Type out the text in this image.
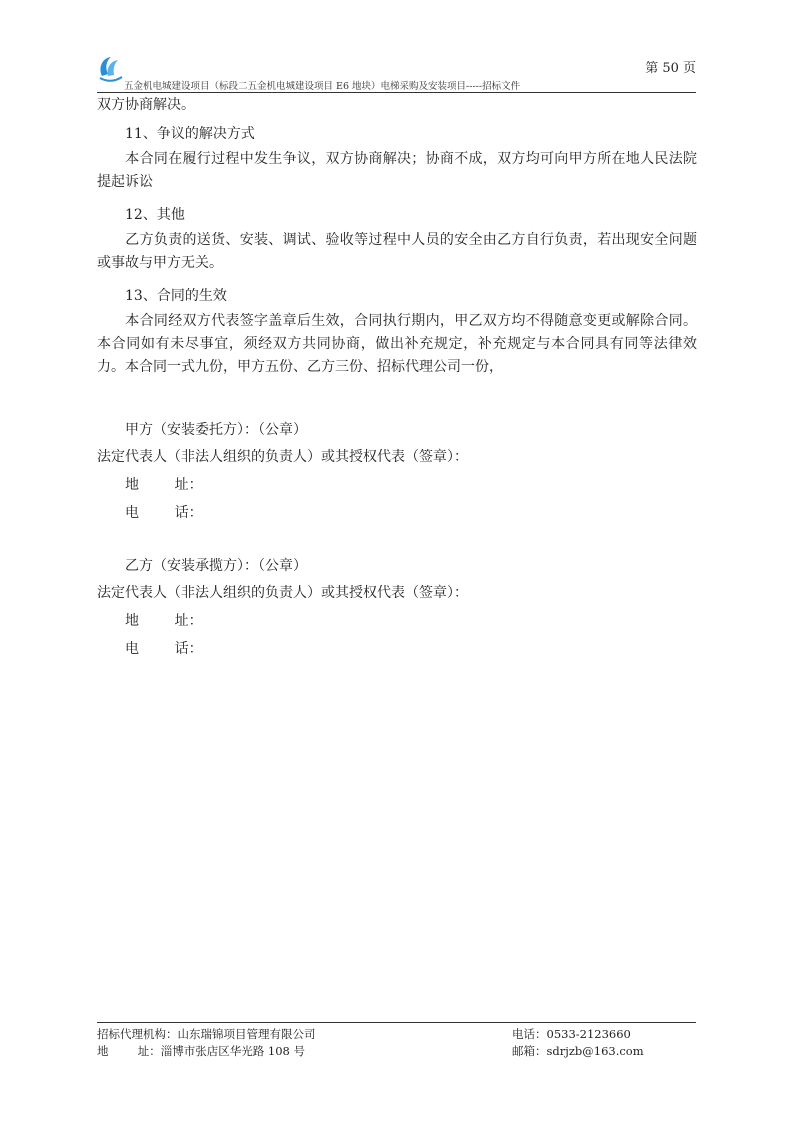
第 50 页
五金机电城建设项目（标段二五金机电城建设项目 E6 地块）电梯采购及安装项目-----招标文件
双方协商解决。
11、争议的解决方式
本合同在履行过程中发生争议，双方协商解决；协商不成，双方均可向甲方所在地人民法院提起诉讼
12、其他
乙方负责的送货、安装、调试、验收等过程中人员的安全由乙方自行负责，若出现安全问题或事故与甲方无关。
13、合同的生效
本合同经双方代表签字盖章后生效，合同执行期内，甲乙双方均不得随意变更或解除合同。本合同如有未尽事宜，须经双方共同协商，做出补充规定，补充规定与本合同具有同等法律效力。本合同一式九份，甲方五份、乙方三份、招标代理公司一份，
甲方（安装委托方）：（公章）
法定代表人（非法人组织的负责人）或其授权代表（签章）：
地        址：
电        话：
乙方（安装承揽方）：（公章）
法定代表人（非法人组织的负责人）或其授权代表（签章）：
地        址：
电        话：
招标代理机构：山东瑞锦项目管理有限公司
地        址：淄博市张店区华光路 108 号
电话：0533-2123660
邮箱：sdrjzb@163.com
